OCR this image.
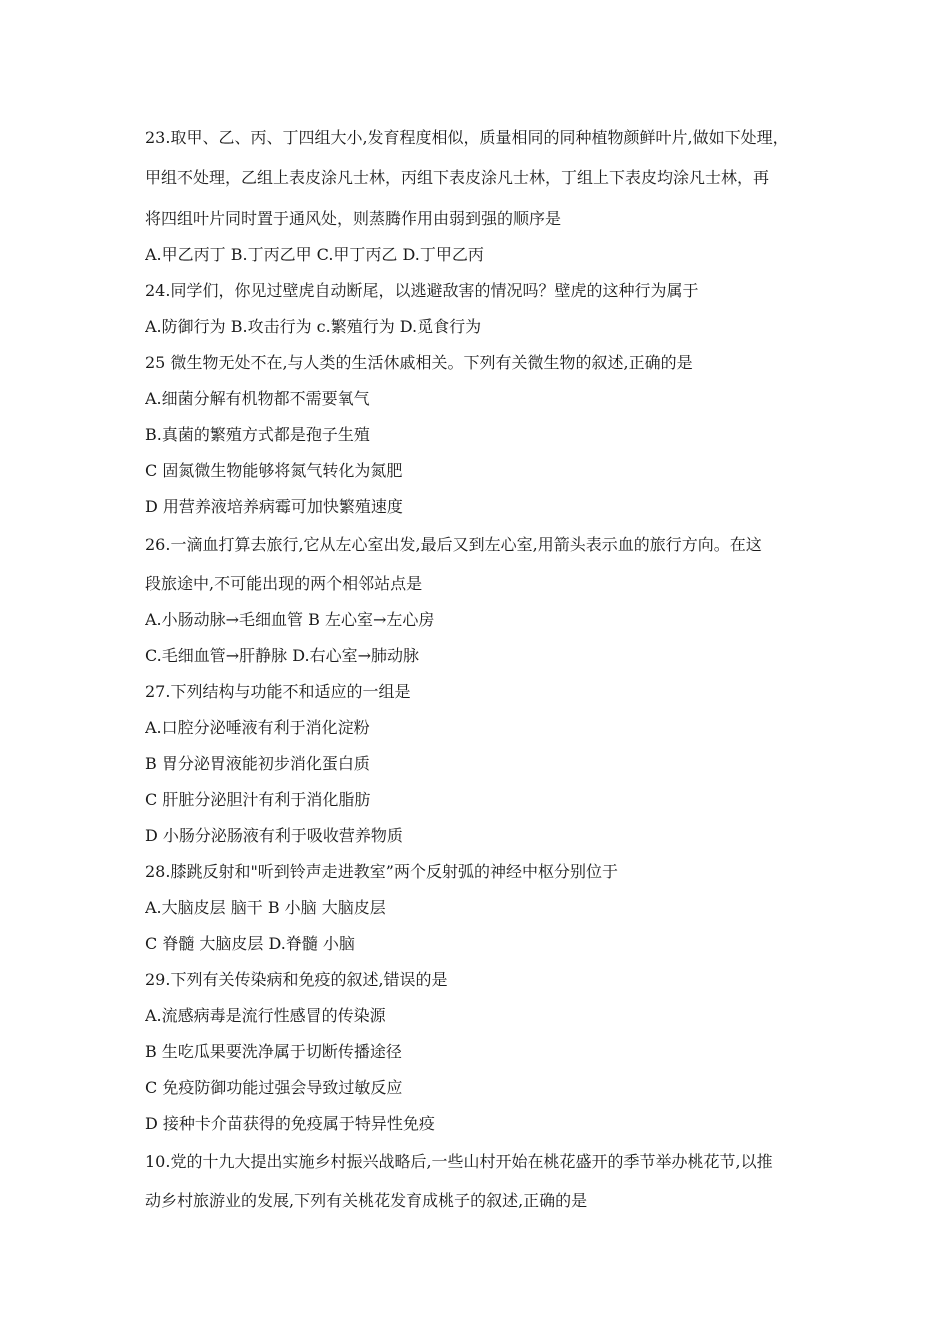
23.取甲、乙、丙、丁四组大小,发育程度相似，质量相同的同种植物颜鲜叶片,做如下处理，
甲组不处理，乙组上表皮涂凡士林，丙组下表皮涂凡士林，丁组上下表皮均涂凡士林，再
将四组叶片同时置于通风处，则蒸腾作用由弱到强的顺序是
A.甲乙丙丁 B.丁丙乙甲 C.甲丁丙乙 D.丁甲乙丙
24.同学们，你见过壁虎自动断尾，以逃避敌害的情况吗？壁虎的这种行为属于
A.防御行为 B.攻击行为 c.繁殖行为 D.觅食行为
25 微生物无处不在,与人类的生活休戚相关。下列有关微生物的叙述,正确的是
A.细菌分解有机物都不需要氧气
B.真菌的繁殖方式都是孢子生殖
C 固氮微生物能够将氮气转化为氮肥
D 用营养液培养病霉可加快繁殖速度
26.一滴血打算去旅行,它从左心室出发,最后又到左心室,用箭头表示血的旅行方向。在这
段旅途中,不可能出现的两个相邻站点是
A.小肠动脉→毛细血管 B 左心室→左心房
C.毛细血管→肝静脉 D.右心室→肺动脉
27.下列结构与功能不和适应的一组是
A.口腔分泌唾液有利于消化淀粉
B 胃分泌胃液能初步消化蛋白质
C 肝脏分泌胆汁有利于消化脂肪
D 小肠分泌肠液有利于吸收营养物质
28.膝跳反射和"听到铃声走进教室”两个反射弧的神经中枢分别位于
A.大脑皮层 脑干 B 小脑 大脑皮层
C 脊髓 大脑皮层 D.脊髓 小脑
29.下列有关传染病和免疫的叙述,错误的是
A.流感病毒是流行性感冒的传染源
B 生吃瓜果要洗净属于切断传播途径
C 免疫防御功能过强会导致过敏反应
D 接种卡介苗获得的免疫属于特异性免疫
10.党的十九大提出实施乡村振兴战略后,一些山村开始在桃花盛开的季节举办桃花节,以推
动乡村旅游业的发展,下列有关桃花发育成桃子的叙述,正确的是
